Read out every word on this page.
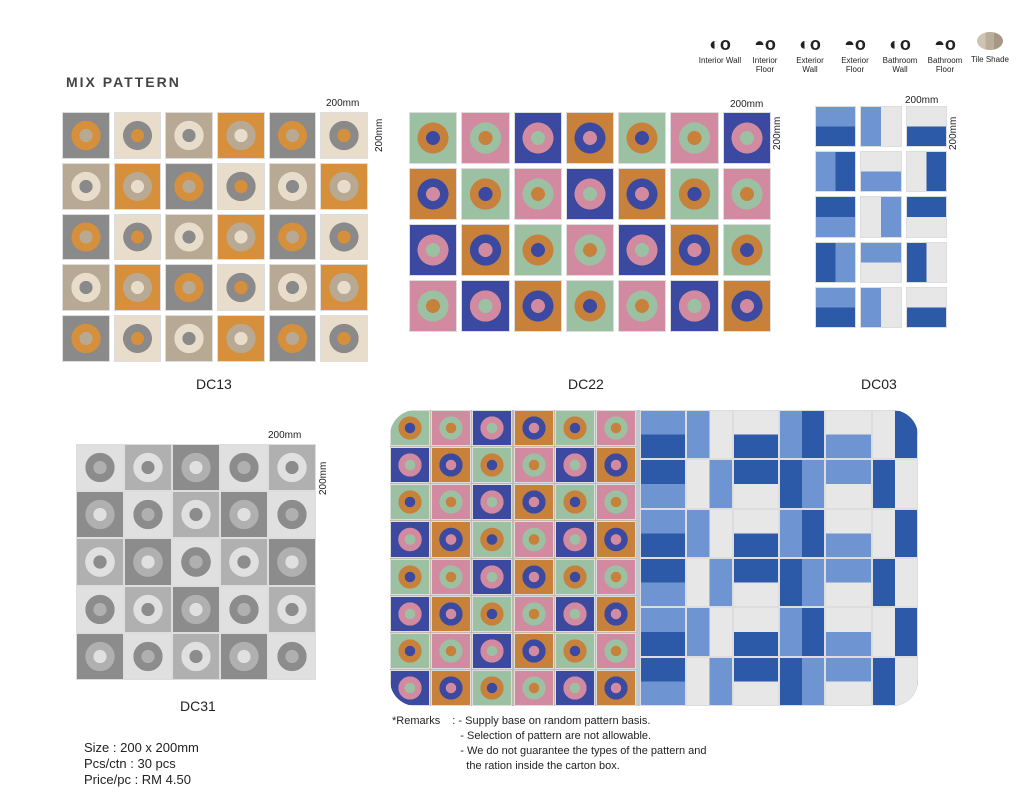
MIX PATTERN
◐o
Interior Wall
◓o
Interior Floor
◐o
Exterior Wall
◓o
Exterior Floor
◐o
Bathroom Wall
◓o
Bathroom Floor
Tile Shade
200mm
200mm
DC13
200mm
200mm
DC22
200mm
200mm
DC03
200mm
200mm
DC31
*Remarks : - Supply base on random pattern basis.
- Selection of pattern are not allowable.
- We do not guarantee the types of the pattern and
the ration inside the carton box.
Size : 200 x 200mm
Pcs/ctn : 30 pcs
Price/pc : RM 4.50
